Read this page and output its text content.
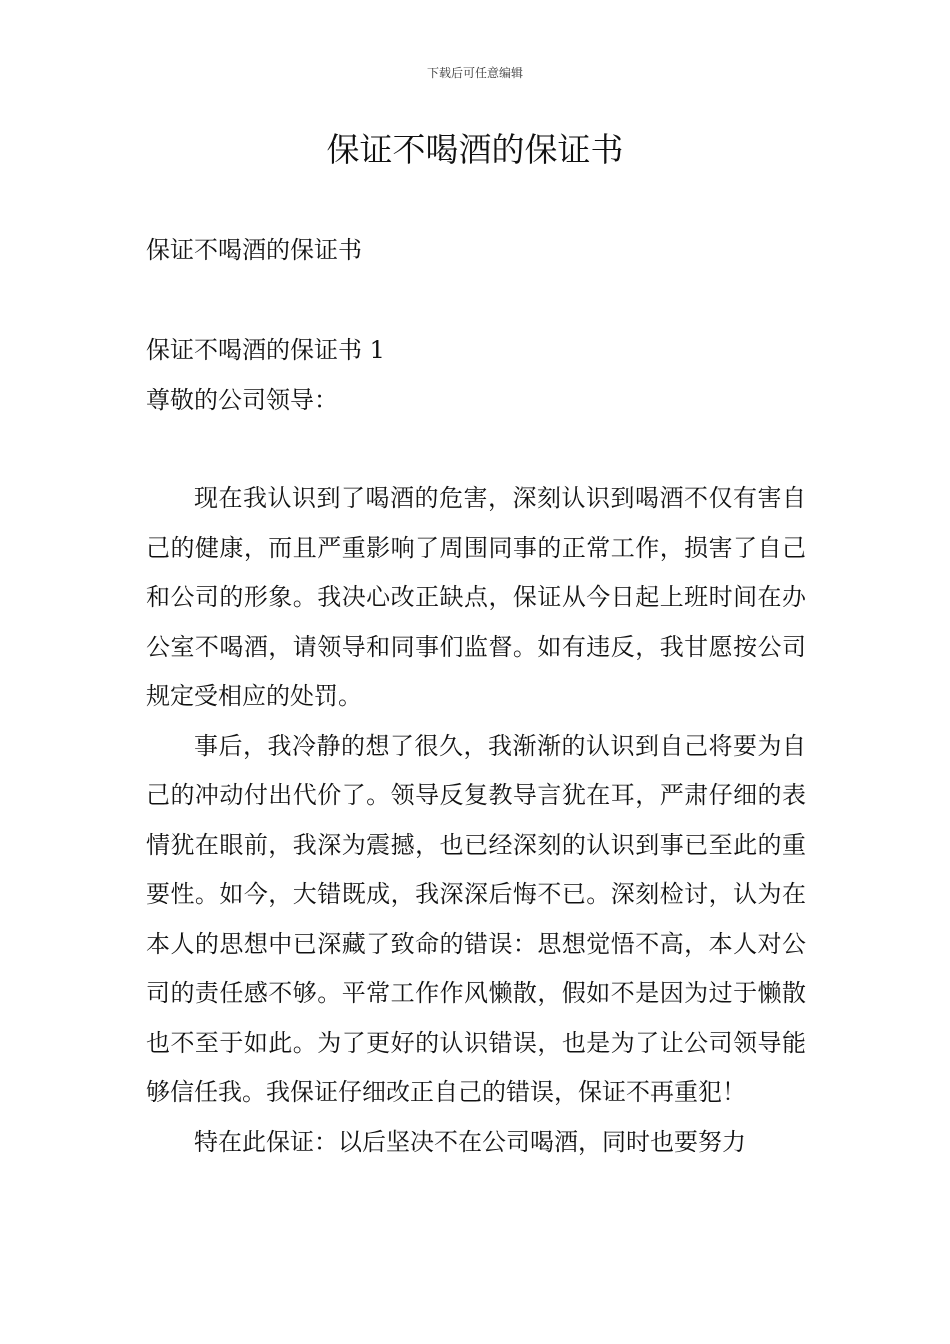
下载后可任意编辑
保证不喝酒的保证书

保证不喝酒的保证书

保证不喝酒的保证书 1

尊敬的公司领导：

现在我认识到了喝酒的危害，深刻认识到喝酒不仅有害自己的健康，而且严重影响了周围同事的正常工作，损害了自己和公司的形象。我决心改正缺点，保证从今日起上班时间在办公室不喝酒，请领导和同事们监督。如有违反，我甘愿按公司规定受相应的处罚。

事后，我冷静的想了很久，我渐渐的认识到自己将要为自己的冲动付出代价了。领导反复教导言犹在耳，严肃仔细的表情犹在眼前，我深为震撼，也已经深刻的认识到事已至此的重要性。如今，大错既成，我深深后悔不已。深刻检讨，认为在本人的思想中已深藏了致命的错误：思想觉悟不高，本人对公司的责任感不够。平常工作作风懒散，假如不是因为过于懒散也不至于如此。为了更好的认识错误，也是为了让公司领导能够信任我。我保证仔细改正自己的错误，保证不再重犯！

特在此保证：以后坚决不在公司喝酒，同时也要努力
